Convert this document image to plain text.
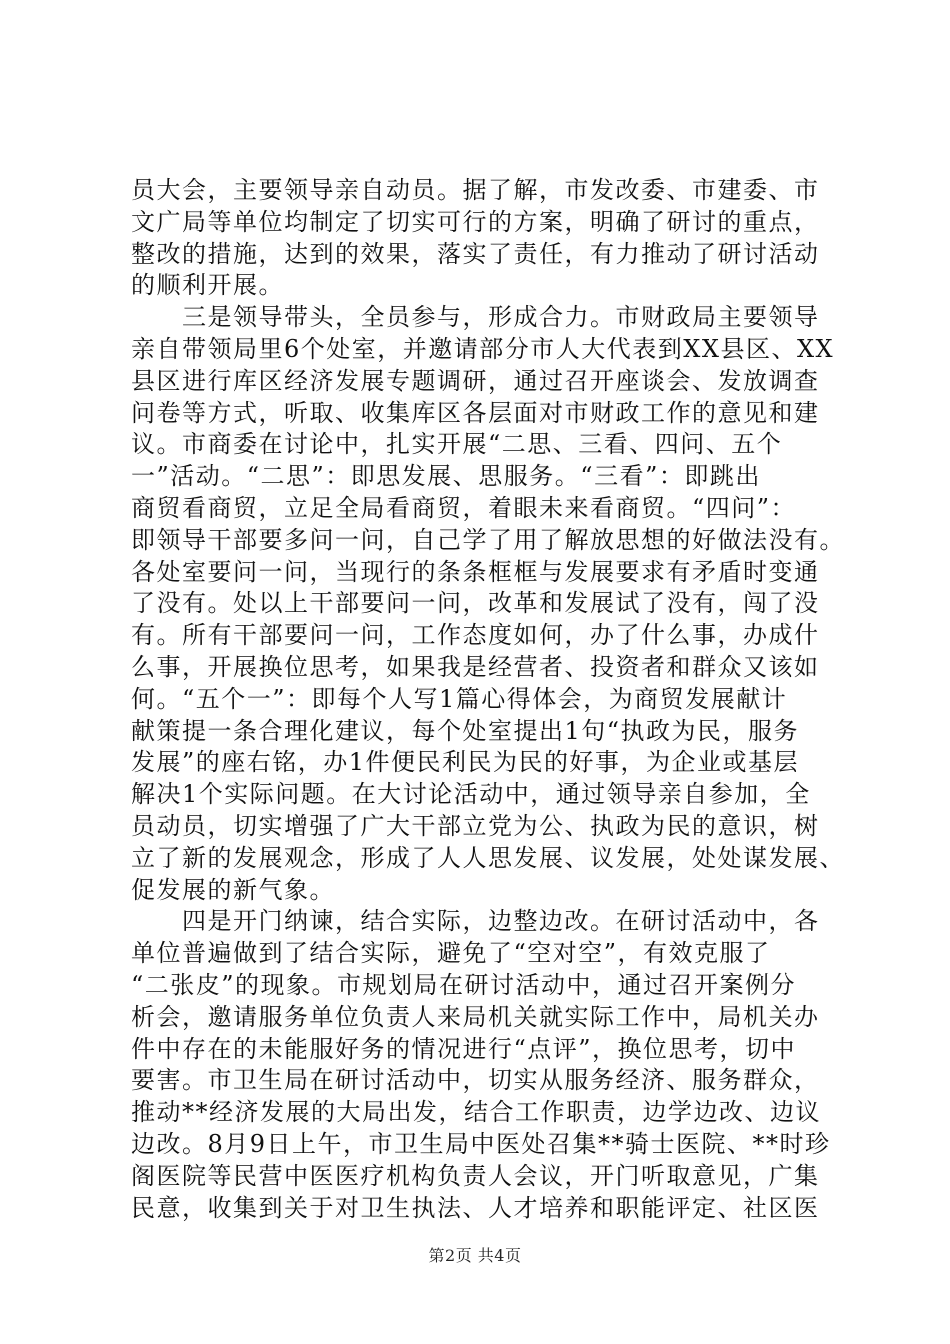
员大会，主要领导亲自动员。据了解，市发改委、市建委、市
文广局等单位均制定了切实可行的方案，明确了研讨的重点，
整改的措施，达到的效果，落实了责任，有力推动了研讨活动
的顺利开展。
　　三是领导带头，全员参与，形成合力。市财政局主要领导
亲自带领局里6个处室，并邀请部分市人大代表到XX县区、XX
县区进行库区经济发展专题调研，通过召开座谈会、发放调查
问卷等方式，听取、收集库区各层面对市财政工作的意见和建
议。市商委在讨论中，扎实开展“二思、三看、四问、五个
一”活动。“二思”：即思发展、思服务。“三看”：即跳出
商贸看商贸，立足全局看商贸，着眼未来看商贸。“四问”：
即领导干部要多问一问，自己学了用了解放思想的好做法没有。
各处室要问一问，当现行的条条框框与发展要求有矛盾时变通
了没有。处以上干部要问一问，改革和发展试了没有，闯了没
有。所有干部要问一问，工作态度如何，办了什么事，办成什
么事，开展换位思考，如果我是经营者、投资者和群众又该如
何。“五个一”：即每个人写1篇心得体会，为商贸发展献计
献策提一条合理化建议，每个处室提出1句“执政为民，服务
发展”的座右铭，办1件便民利民为民的好事，为企业或基层
解决1个实际问题。在大讨论活动中，通过领导亲自参加，全
员动员，切实增强了广大干部立党为公、执政为民的意识，树
立了新的发展观念，形成了人人思发展、议发展，处处谋发展、
促发展的新气象。
　　四是开门纳谏，结合实际，边整边改。在研讨活动中，各
单位普遍做到了结合实际，避免了“空对空”，有效克服了
“二张皮”的现象。市规划局在研讨活动中，通过召开案例分
析会，邀请服务单位负责人来局机关就实际工作中，局机关办
件中存在的未能服好务的情况进行“点评”，换位思考，切中
要害。市卫生局在研讨活动中，切实从服务经济、服务群众，
推动**经济发展的大局出发，结合工作职责，边学边改、边议
边改。8月9日上午，市卫生局中医处召集**骑士医院、**时珍
阁医院等民营中医医疗机构负责人会议，开门听取意见，广集
民意，收集到关于对卫生执法、人才培养和职能评定、社区医
第2页 共4页
